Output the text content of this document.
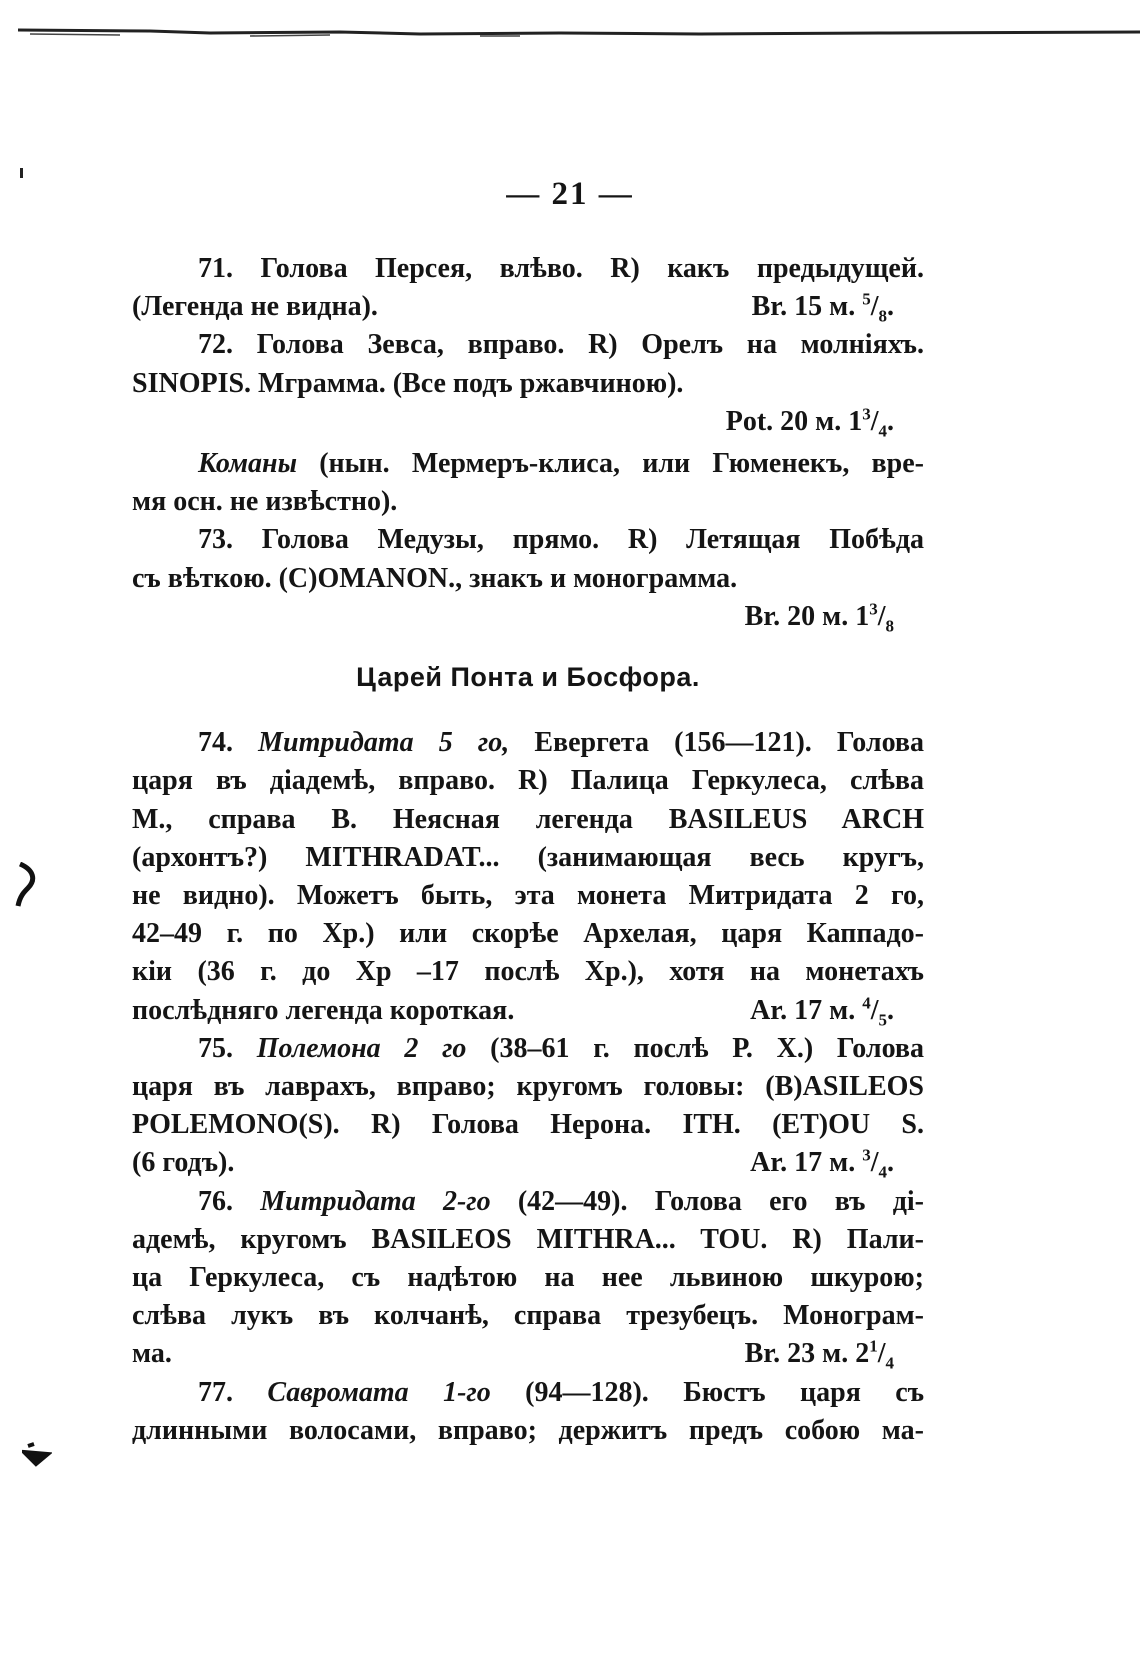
— 21 —
71. Голова Персея, влѣво. R) какъ предыдущей.
(Легенда не видна).	Br. 15 м. $^5/_8$.
72. Голова Зевса, вправо. R) Орелъ на молніяхъ.
SINOPIS. Мграмма. (Все подъ ржавчиною).
Pot. 20 м. $1^3/_4$.
Команы (нын. Мермеръ-клиса, или Гюменекъ, вре-
мя осн. не извѣстно).
73. Голова Медузы, прямо. R) Летящая Побѣда
съ вѣткою. (C)OMANON., знакъ и монограмма.
Br. 20 м. $1^3/_8$
Царей Понта и Босфора.
74. Митридата 5 го, Евергета (156—121). Голова
царя въ діадемѣ, вправо. R) Палица Геркулеса, слѣва
М., справа В. Неясная легенда BASILEUS ARCH
(архонтъ?) MITHRADAT... (занимающая весь кругъ,
не видно). Можетъ быть, эта монета Митридата 2 го,
42–49 г. по Хр.) или скорѣе Архелая, царя Каппадо-
кіи (36 г. до Хр –17 послѣ Хр.), хотя на монетахъ
послѣдняго легенда короткая.	Ar. 17 м. $^4/_5$.
75. Полемона 2 го (38–61 г. послѣ Р. X.) Голова
царя въ лаврахъ, вправо; кругомъ головы: (B)ASILEOS
POLEMONO(S). R) Голова Нерона. ITH. (ET)OU S.
(6 годъ).	Ar. 17 м. $^3/_4$.
76. Митридата 2-го (42—49). Голова его въ ді-
адемѣ, кругомъ BASILEOS MITHRA... TOU. R) Пали-
ца Геркулеса, съ надѣтою на нее львиною шкурою;
слѣва лукъ въ колчанѣ, справа трезубецъ. Монограм-
ма.	Br. 23 м. $2^1/_4$
77. Савромата 1-го (94—128). Бюстъ царя съ
длинными волосами, вправо; держитъ предъ собою ма-
